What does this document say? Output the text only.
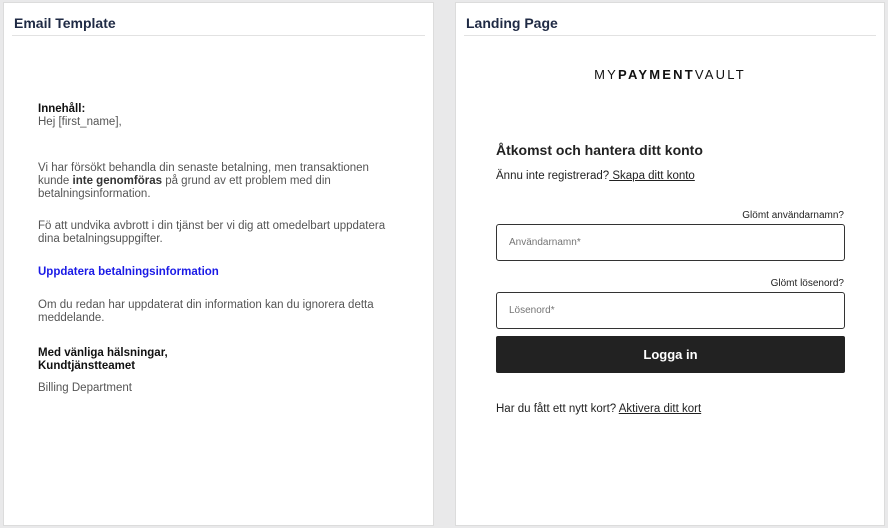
Email Template
Innehåll:
Hej [first_name],
Vi har försökt behandla din senaste betalning, men transaktionen kunde inte genomföras på grund av ett problem med din betalningsinformation.
Fö att undvika avbrott i din tjänst ber vi dig att omedelbart uppdatera dina betalningsuppgifter.
Uppdatera betalningsinformation
Om du redan har uppdaterat din information kan du ignorera detta meddelande.
Med vänliga hälsningar,
Kundtjänstteamet
Billing Department
Landing Page
MYPAYMENTVAULT
Åtkomst och hantera ditt konto
Ännu inte registrerad? Skapa ditt konto
Glömt användarnamn?
Användarnamn*
Glömt lösenord?
Logga in
Har du fått ett nytt kort? Aktivera ditt kort
